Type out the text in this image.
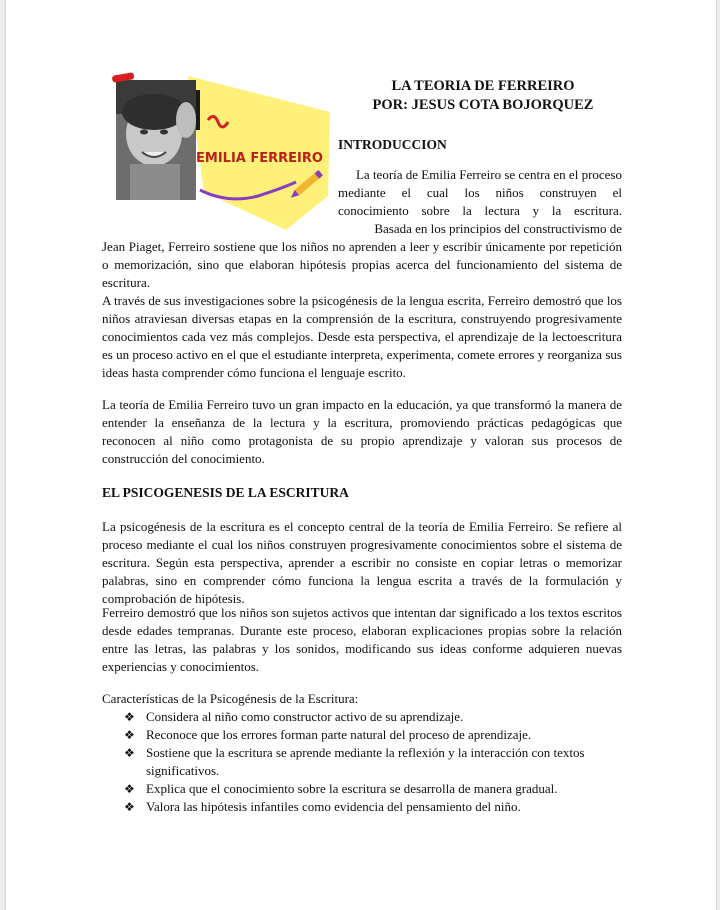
EMILIA FERREIRO
LA TEORIA DE FERREIRO
POR: JESUS COTA BOJORQUEZ
INTRODUCCION

La teoría de Emilia Ferreiro se centra en el proceso

mediante el cual los niños construyen el

conocimiento sobre la lectura y la escritura.

Basada en los principios del constructivismo de

Jean Piaget, Ferreiro sostiene que los niños no aprenden a leer y escribir únicamente por repetición o memorización, sino que elaboran hipótesis propias acerca del funcionamiento del sistema de escritura.

A través de sus investigaciones sobre la psicogénesis de la lengua escrita, Ferreiro demostró que los niños atraviesan diversas etapas en la comprensión de la escritura, construyendo progresivamente conocimientos cada vez más complejos. Desde esta perspectiva, el aprendizaje de la lectoescritura es un proceso activo en el que el estudiante interpreta, experimenta, comete errores y reorganiza sus ideas hasta comprender cómo funciona el lenguaje escrito.

La teoría de Emilia Ferreiro tuvo un gran impacto en la educación, ya que transformó la manera de entender la enseñanza de la lectura y la escritura, promoviendo prácticas pedagógicas que reconocen al niño como protagonista de su propio aprendizaje y valoran sus procesos de construcción del conocimiento.

EL PSICOGENESIS DE LA ESCRITURA

La psicogénesis de la escritura es el concepto central de la teoría de Emilia Ferreiro. Se refiere al proceso mediante el cual los niños construyen progresivamente conocimientos sobre el sistema de escritura. Según esta perspectiva, aprender a escribir no consiste en copiar letras o memorizar palabras, sino en comprender cómo funciona la lengua escrita a través de la formulación y comprobación de hipótesis.

Ferreiro demostró que los niños son sujetos activos que intentan dar significado a los textos escritos desde edades tempranas. Durante este proceso, elaboran explicaciones propias sobre la relación entre las letras, las palabras y los sonidos, modificando sus ideas conforme adquieren nuevas experiencias y conocimientos.

Características de la Psicogénesis de la Escritura:

❖ Considera al niño como constructor activo de su aprendizaje.
❖ Reconoce que los errores forman parte natural del proceso de aprendizaje.
❖ Sostiene que la escritura se aprende mediante la reflexión y la interacción con textos significativos.
❖ Explica que el conocimiento sobre la escritura se desarrolla de manera gradual.
❖ Valora las hipótesis infantiles como evidencia del pensamiento del niño.
